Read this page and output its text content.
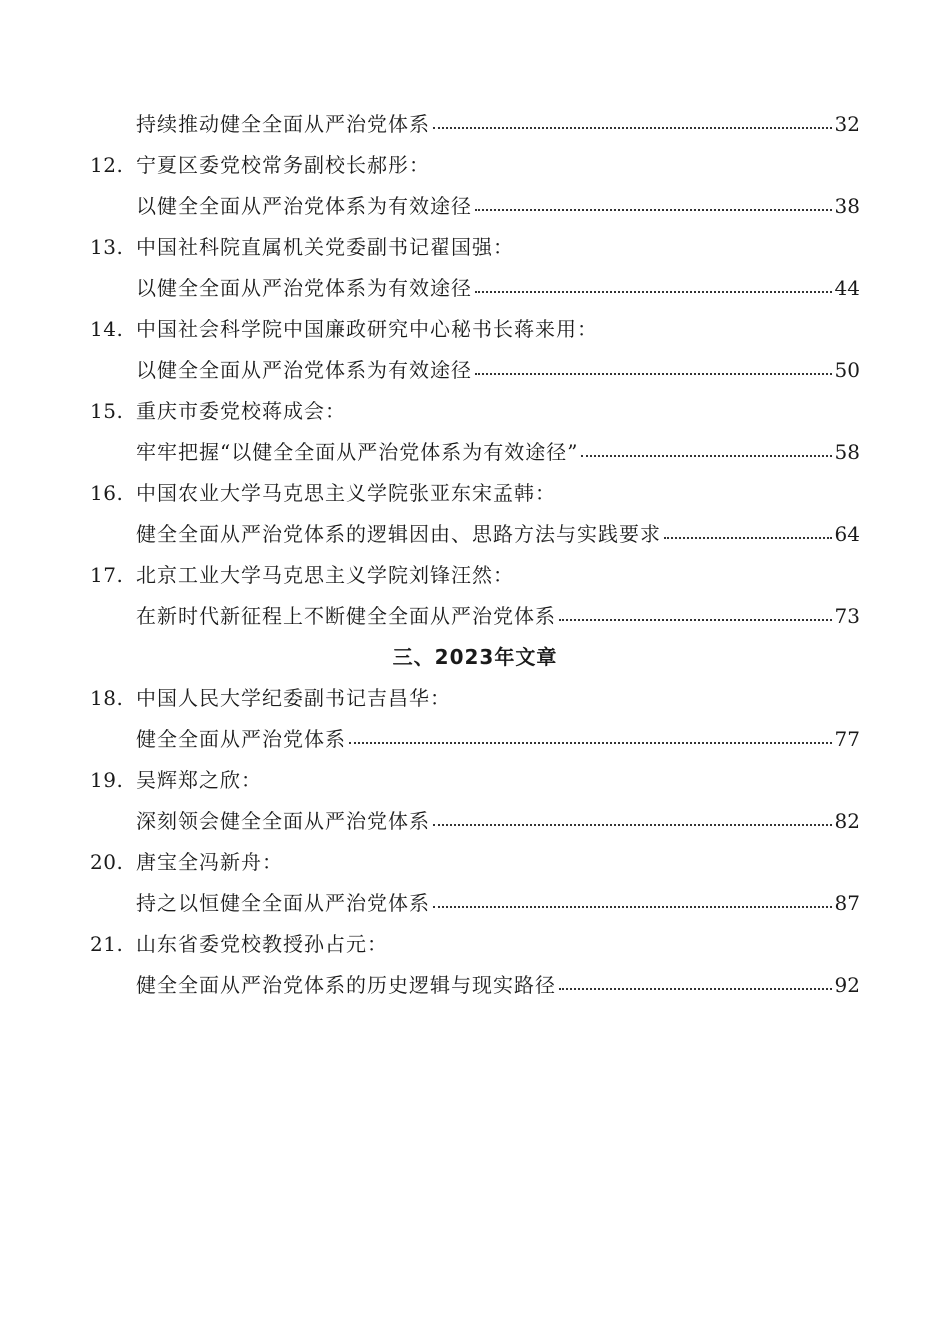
持续推动健全全面从严治党体系	32
12. 宁夏区委党校常务副校长郝彤：
以健全全面从严治党体系为有效途径	38
13. 中国社科院直属机关党委副书记翟国强：
以健全全面从严治党体系为有效途径	44
14. 中国社会科学院中国廉政研究中心秘书长蒋来用：
以健全全面从严治党体系为有效途径	50
15. 重庆市委党校蒋成会：
牢牢把握“以健全全面从严治党体系为有效途径”	58
16. 中国农业大学马克思主义学院张亚东宋孟韩：
健全全面从严治党体系的逻辑因由、思路方法与实践要求	64
17. 北京工业大学马克思主义学院刘锋汪然：
在新时代新征程上不断健全全面从严治党体系	73
三、2023年文章
18. 中国人民大学纪委副书记吉昌华：
健全全面从严治党体系	77
19. 吴辉郑之欣：
深刻领会健全全面从严治党体系	82
20. 唐宝全冯新舟：
持之以恒健全全面从严治党体系	87
21. 山东省委党校教授孙占元：
健全全面从严治党体系的历史逻辑与现实路径	92
